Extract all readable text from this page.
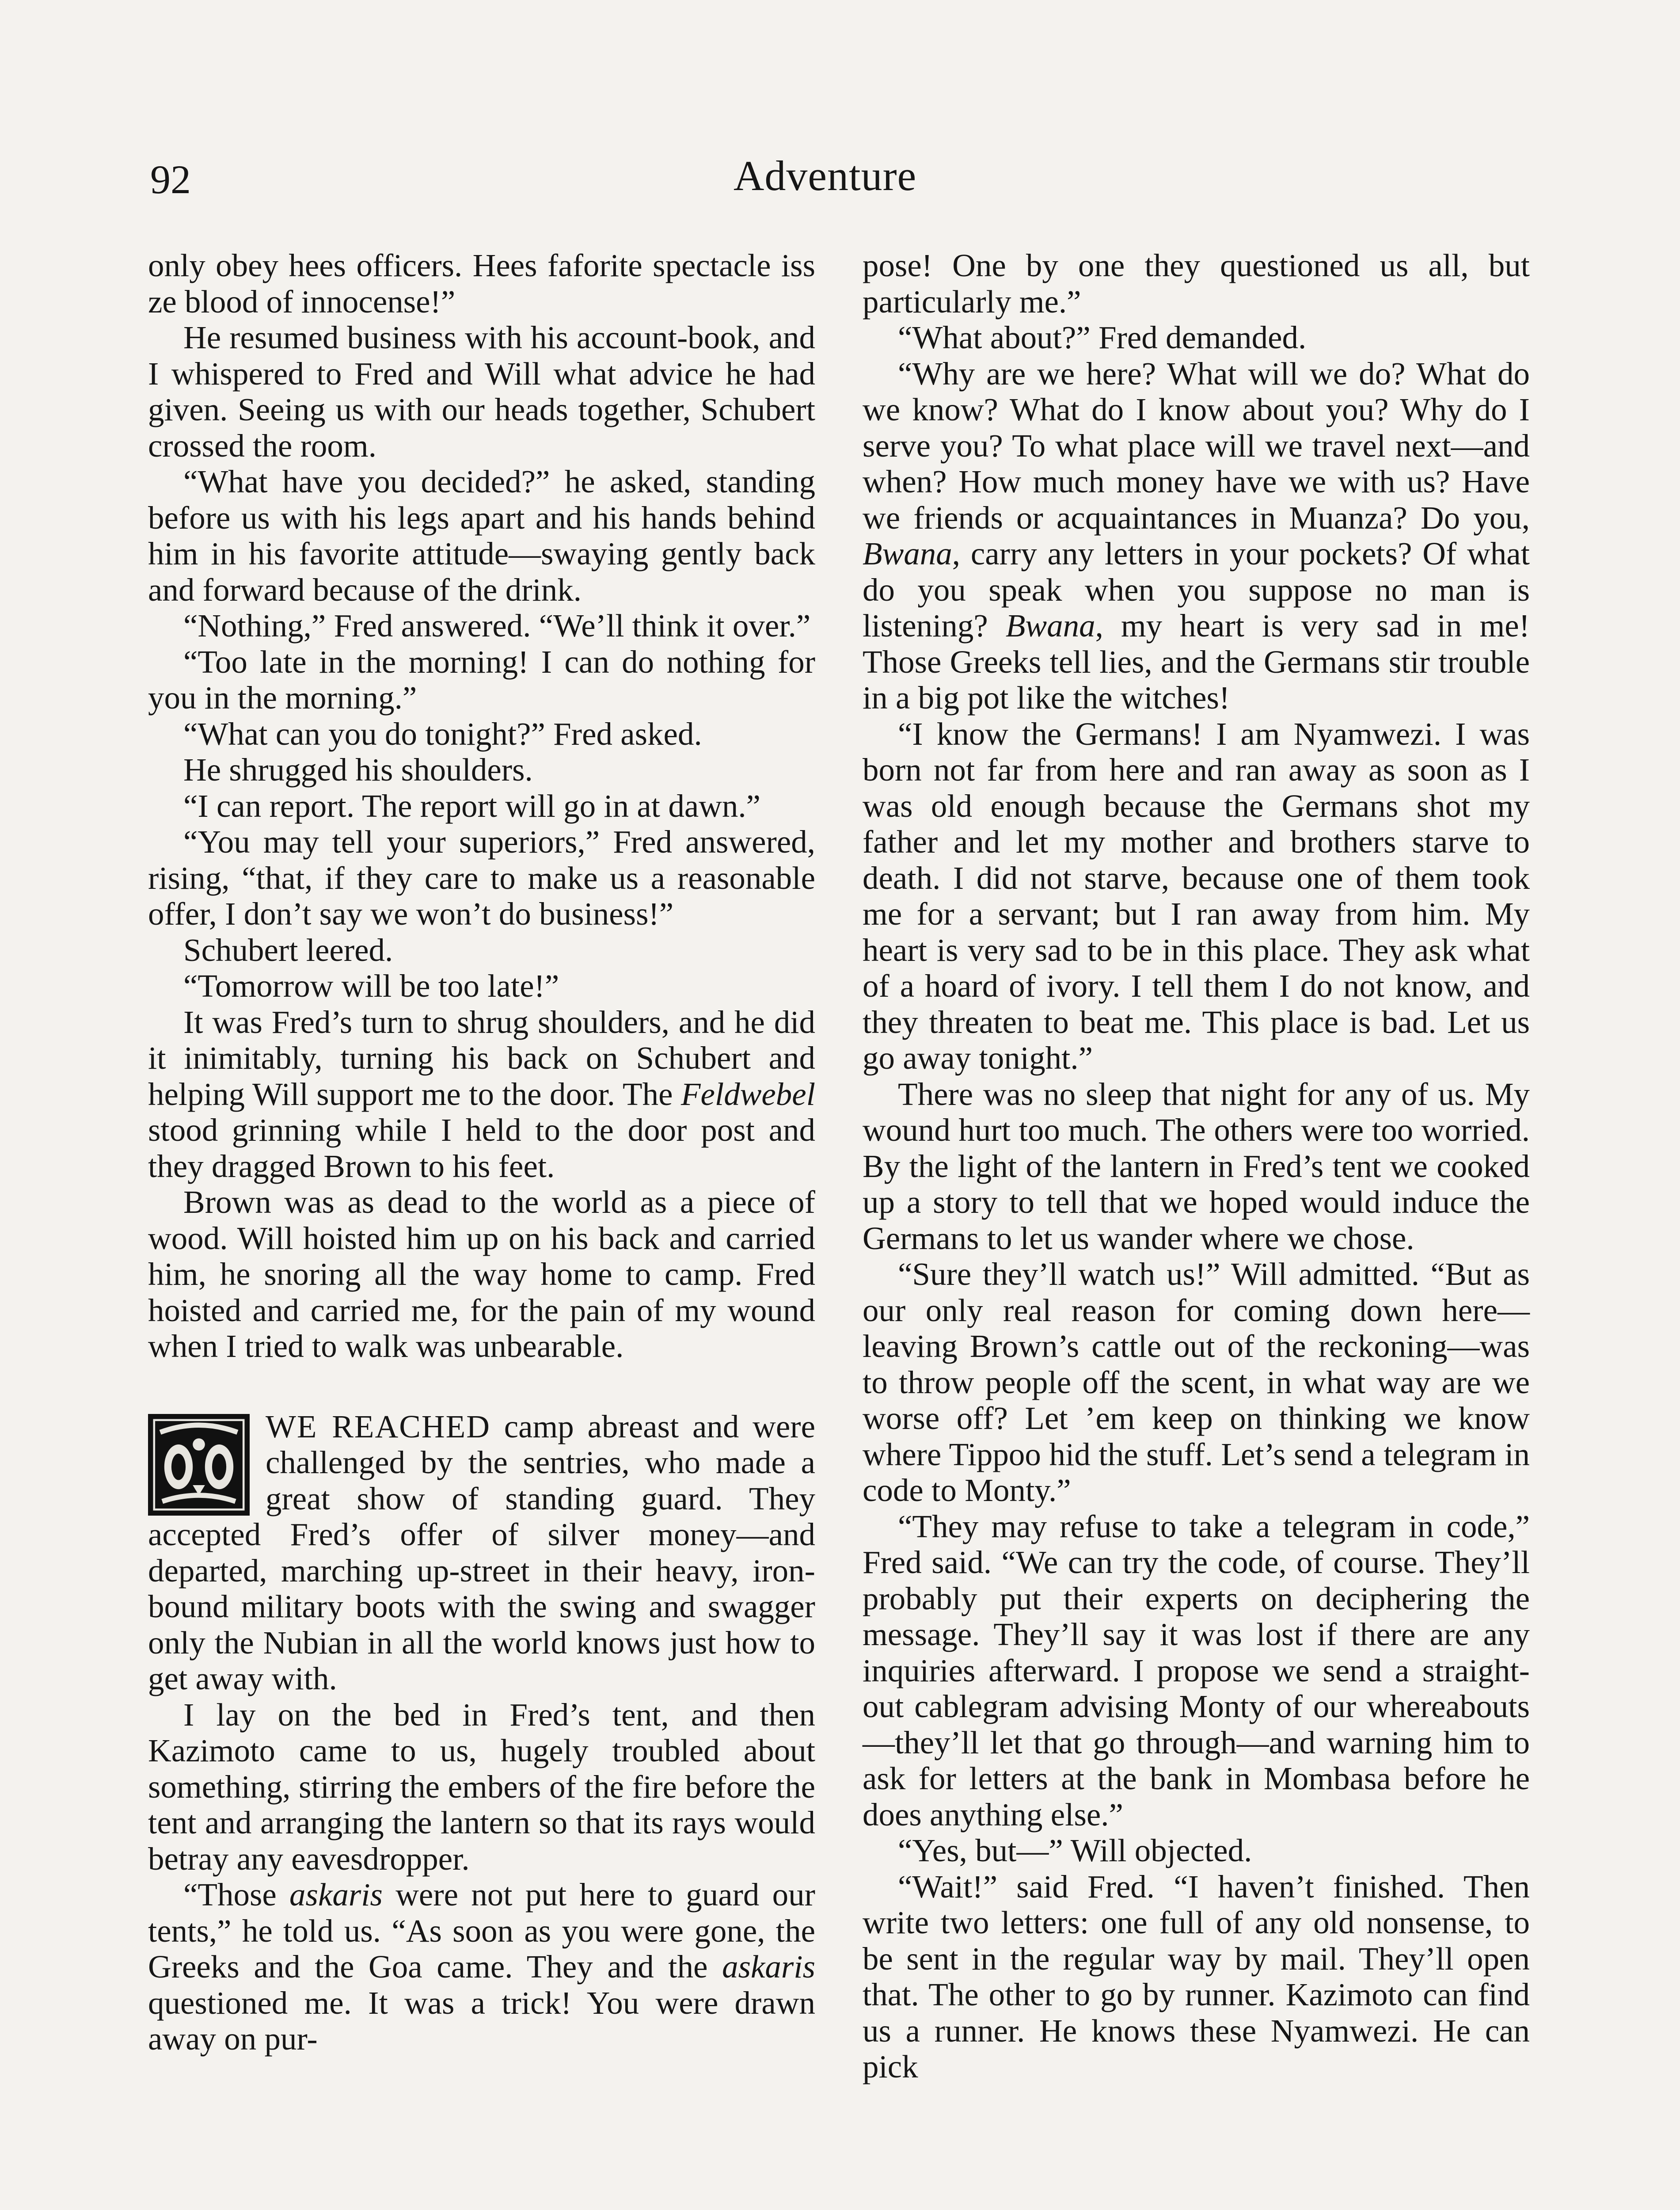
92	Adventure

only obey hees officers. Hees faforite spectacle iss ze blood of innocense!”

He resumed business with his account-book, and I whispered to Fred and Will what advice he had given. Seeing us with our heads together, Schubert crossed the room.

“What have you decided?” he asked, standing before us with his legs apart and his hands behind him in his favorite attitude—swaying gently back and forward because of the drink.

“Nothing,” Fred answered. “We’ll think it over.”

“Too late in the morning! I can do nothing for you in the morning.”

“What can you do tonight?” Fred asked.

He shrugged his shoulders.

“I can report. The report will go in at dawn.”

“You may tell your superiors,” Fred answered, rising, “that, if they care to make us a reasonable offer, I don’t say we won’t do business!”

Schubert leered.

“Tomorrow will be too late!”

It was Fred’s turn to shrug shoulders, and he did it inimitably, turning his back on Schubert and helping Will support me to the door. The Feldwebel stood grinning while I held to the door post and they dragged Brown to his feet.

Brown was as dead to the world as a piece of wood. Will hoisted him up on his back and carried him, he snoring all the way home to camp. Fred hoisted and carried me, for the pain of my wound when I tried to walk was unbearable.

WE REACHED camp abreast and were challenged by the sentries, who made a great show of standing guard. They accepted Fred’s offer of silver money—and departed, marching up-street in their heavy, iron-bound military boots with the swing and swagger only the Nubian in all the world knows just how to get away with.

I lay on the bed in Fred’s tent, and then Kazimoto came to us, hugely troubled about something, stirring the embers of the fire before the tent and arranging the lantern so that its rays would betray any eavesdropper.

“Those askaris were not put here to guard our tents,” he told us. “As soon as you were gone, the Greeks and the Goa came. They and the askaris questioned me. It was a trick! You were drawn away on pur-

pose! One by one they questioned us all, but particularly me.”

“What about?” Fred demanded.

“Why are we here? What will we do? What do we know? What do I know about you? Why do I serve you? To what place will we travel next—and when? How much money have we with us? Have we friends or acquaintances in Muanza? Do you, Bwana, carry any letters in your pockets? Of what do you speak when you suppose no man is listening? Bwana, my heart is very sad in me! Those Greeks tell lies, and the Germans stir trouble in a big pot like the witches!

“I know the Germans! I am Nyamwezi. I was born not far from here and ran away as soon as I was old enough because the Germans shot my father and let my mother and brothers starve to death. I did not starve, because one of them took me for a servant; but I ran away from him. My heart is very sad to be in this place. They ask what of a hoard of ivory. I tell them I do not know, and they threaten to beat me. This place is bad. Let us go away tonight.”

There was no sleep that night for any of us. My wound hurt too much. The others were too worried. By the light of the lantern in Fred’s tent we cooked up a story to tell that we hoped would induce the Germans to let us wander where we chose.

“Sure they’ll watch us!” Will admitted. “But as our only real reason for coming down here—leaving Brown’s cattle out of the reckoning—was to throw people off the scent, in what way are we worse off? Let ’em keep on thinking we know where Tippoo hid the stuff. Let’s send a telegram in code to Monty.”

“They may refuse to take a telegram in code,” Fred said. “We can try the code, of course. They’ll probably put their experts on deciphering the message. They’ll say it was lost if there are any inquiries afterward. I propose we send a straight-out cablegram advising Monty of our whereabouts—they’ll let that go through—and warning him to ask for letters at the bank in Mombasa before he does anything else.”

“Yes, but—” Will objected.

“Wait!” said Fred. “I haven’t finished. Then write two letters: one full of any old nonsense, to be sent in the regular way by mail. They’ll open that. The other to go by runner. Kazimoto can find us a runner. He knows these Nyamwezi. He can pick
